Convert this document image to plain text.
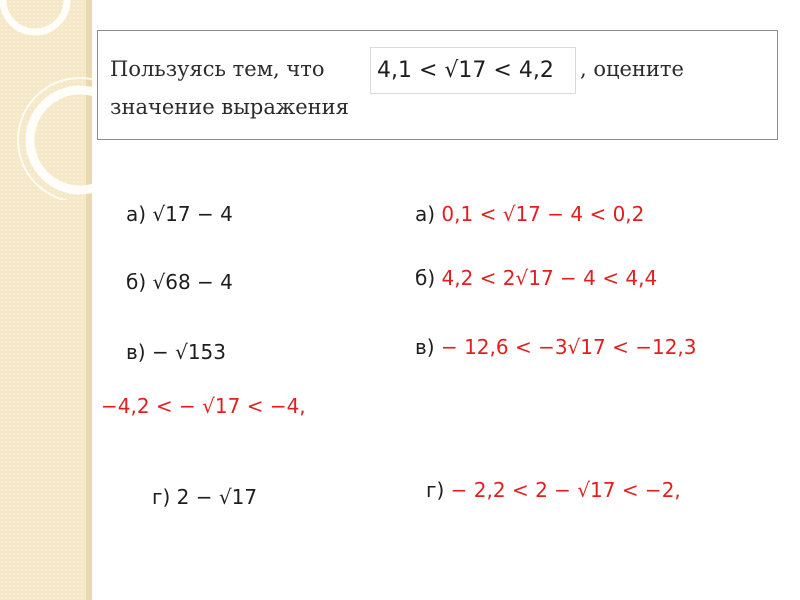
Пользуясь тем, что 4,1 < √17 < 4,2 , оцените
значение выражения
а) √17 − 4
б) √68 − 4
в) − √153
−4,2 < − √17 < −4,
г) 2 − √17
а) 0,1 < √17 − 4 < 0,2
б) 4,2 < 2√17 − 4 < 4,4
в) − 12,6 < −3√17 < −12,3
г) − 2,2 < 2 − √17 < −2,
